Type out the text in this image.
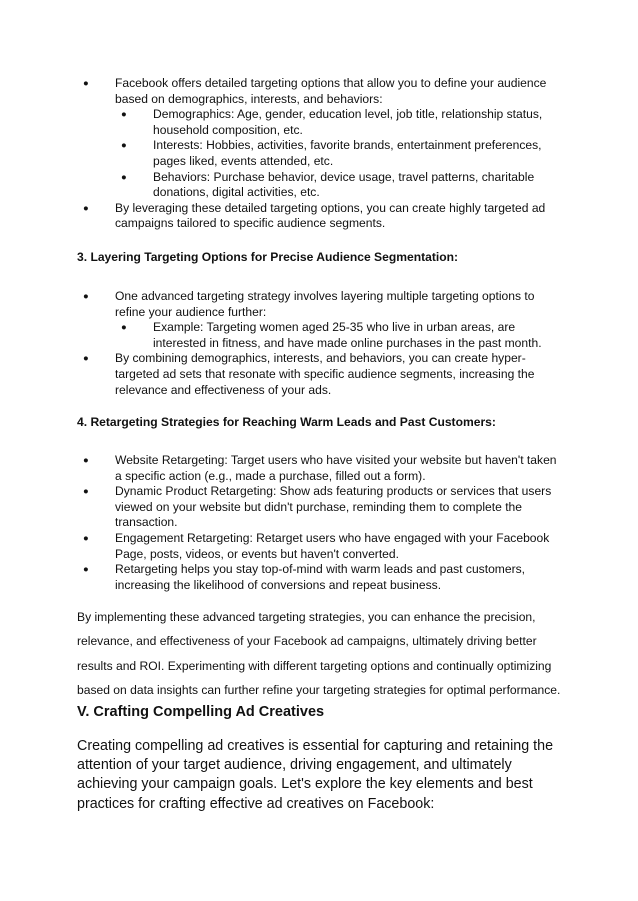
● Facebook offers detailed targeting options that allow you to define your audience based on demographics, interests, and behaviors:
● Demographics: Age, gender, education level, job title, relationship status, household composition, etc.
● Interests: Hobbies, activities, favorite brands, entertainment preferences, pages liked, events attended, etc.
● Behaviors: Purchase behavior, device usage, travel patterns, charitable donations, digital activities, etc.
● By leveraging these detailed targeting options, you can create highly targeted ad campaigns tailored to specific audience segments.
3. Layering Targeting Options for Precise Audience Segmentation:
● One advanced targeting strategy involves layering multiple targeting options to refine your audience further:
● Example: Targeting women aged 25-35 who live in urban areas, are interested in fitness, and have made online purchases in the past month.
● By combining demographics, interests, and behaviors, you can create hyper-targeted ad sets that resonate with specific audience segments, increasing the relevance and effectiveness of your ads.
4. Retargeting Strategies for Reaching Warm Leads and Past Customers:
● Website Retargeting: Target users who have visited your website but haven't taken a specific action (e.g., made a purchase, filled out a form).
● Dynamic Product Retargeting: Show ads featuring products or services that users viewed on your website but didn't purchase, reminding them to complete the transaction.
● Engagement Retargeting: Retarget users who have engaged with your Facebook Page, posts, videos, or events but haven't converted.
● Retargeting helps you stay top-of-mind with warm leads and past customers, increasing the likelihood of conversions and repeat business.

By implementing these advanced targeting strategies, you can enhance the precision, relevance, and effectiveness of your Facebook ad campaigns, ultimately driving better results and ROI. Experimenting with different targeting options and continually optimizing based on data insights can further refine your targeting strategies for optimal performance.

V. Crafting Compelling Ad Creatives

Creating compelling ad creatives is essential for capturing and retaining the attention of your target audience, driving engagement, and ultimately achieving your campaign goals. Let's explore the key elements and best practices for crafting effective ad creatives on Facebook:
